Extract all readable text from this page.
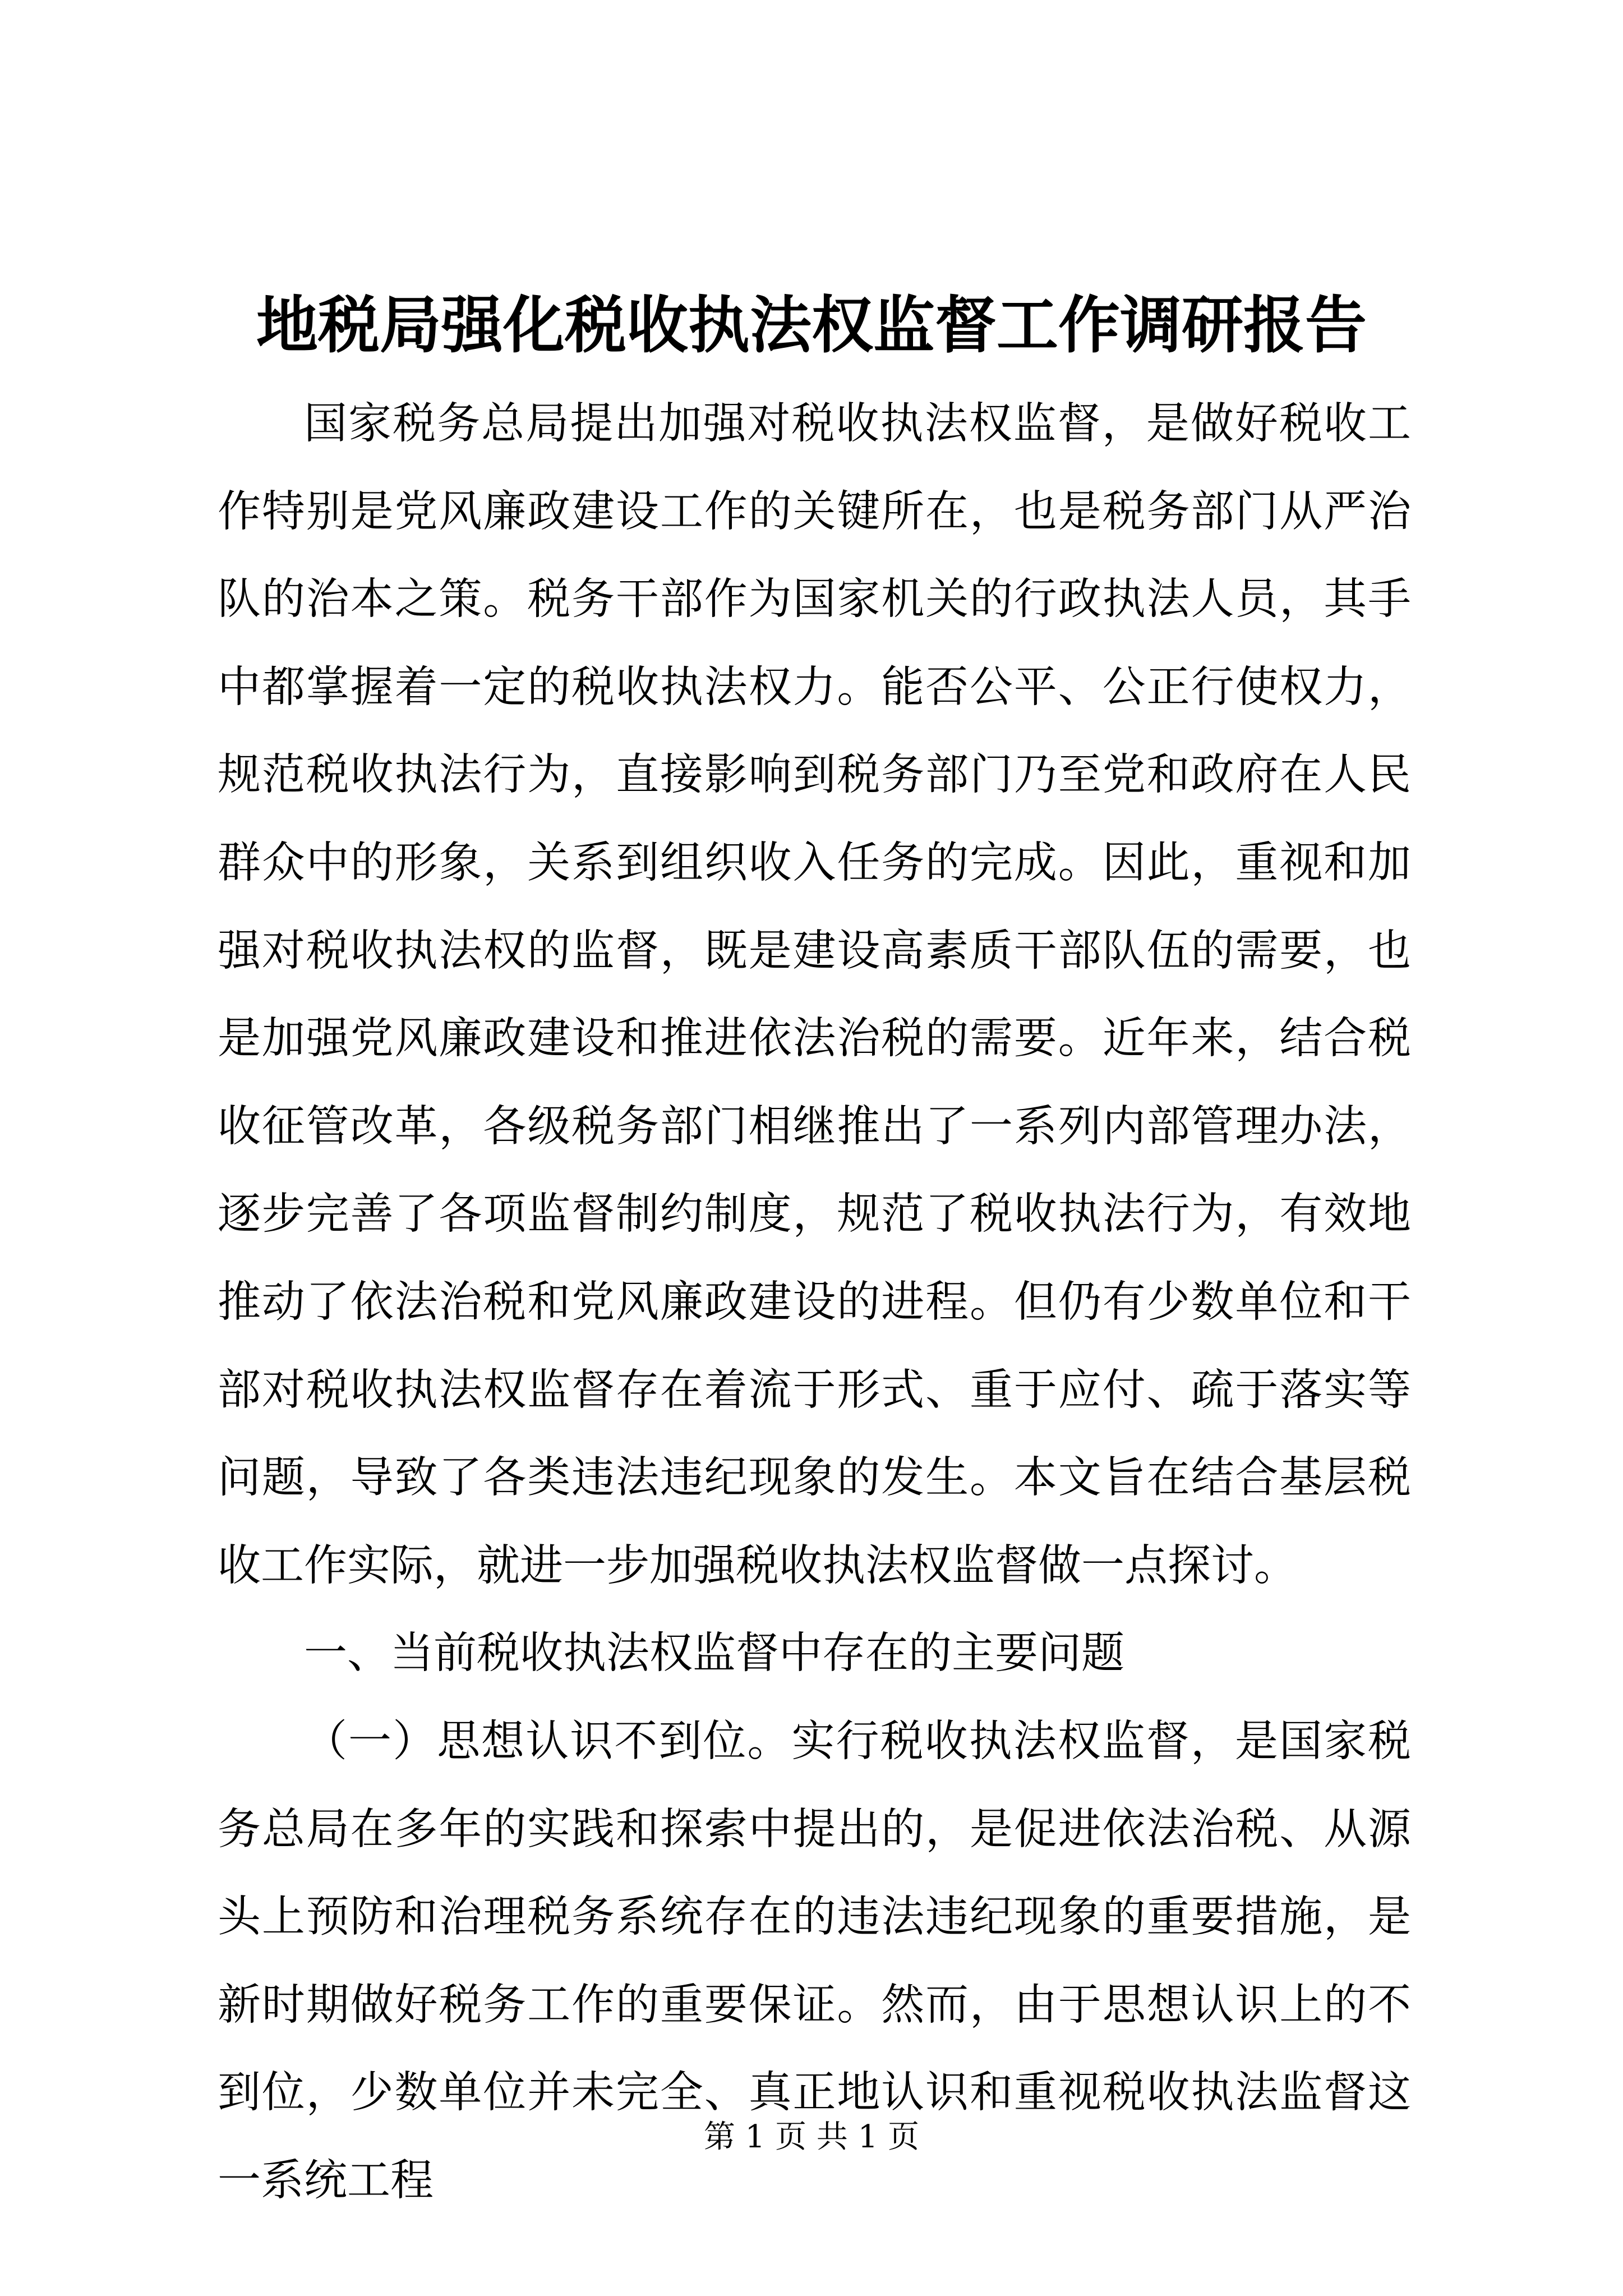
地税局强化税收执法权监督工作调研报告

国家税务总局提出加强对税收执法权监督，是做好税收工作特别是党风廉政建设工作的关键所在，也是税务部门从严治队的治本之策。税务干部作为国家机关的行政执法人员，其手中都掌握着一定的税收执法权力。能否公平、公正行使权力，规范税收执法行为，直接影响到税务部门乃至党和政府在人民群众中的形象，关系到组织收入任务的完成。因此，重视和加强对税收执法权的监督，既是建设高素质干部队伍的需要，也是加强党风廉政建设和推进依法治税的需要。近年来，结合税收征管改革，各级税务部门相继推出了一系列内部管理办法，逐步完善了各项监督制约制度，规范了税收执法行为，有效地推动了依法治税和党风廉政建设的进程。但仍有少数单位和干部对税收执法权监督存在着流于形式、重于应付、疏于落实等问题，导致了各类违法违纪现象的发生。本文旨在结合基层税收工作实际，就进一步加强税收执法权监督做一点探讨。

一、当前税收执法权监督中存在的主要问题

（一）思想认识不到位。实行税收执法权监督，是国家税务总局在多年的实践和探索中提出的，是促进依法治税、从源头上预防和治理税务系统存在的违法违纪现象的重要措施，是新时期做好税务工作的重要保证。然而，由于思想认识上的不到位，少数单位并未完全、真正地认识和重视税收执法监督这一系统工程

第 1 页 共 1 页
